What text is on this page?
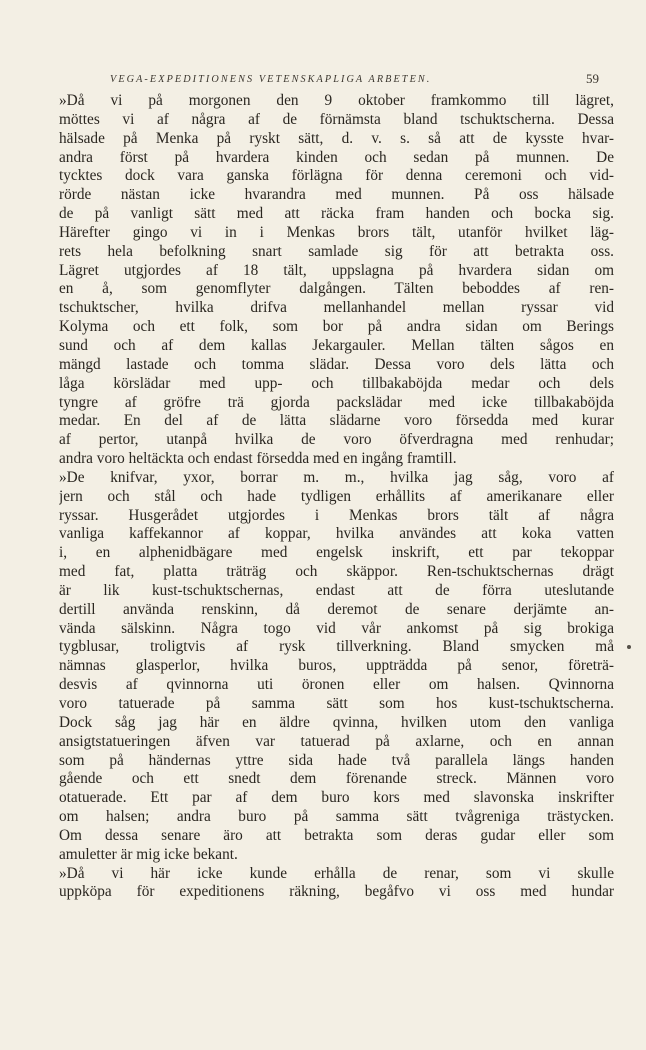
VEGA-EXPEDITIONENS VETENSKAPLIGA ARBETEN.	59
»Då vi på morgonen den 9 oktober framkommo till lägret,
möttes vi af några af de förnämsta bland tschuktscherna. Dessa
hälsade på Menka på ryskt sätt, d. v. s. så att de kysste hvar-
andra först på hvardera kinden och sedan på munnen. De
tycktes dock vara ganska förlägna för denna ceremoni och vid-
rörde nästan icke hvarandra med munnen. På oss hälsade
de på vanligt sätt med att räcka fram handen och bocka sig.
Härefter gingo vi in i Menkas brors tält, utanför hvilket läg-
rets hela befolkning snart samlade sig för att betrakta oss.
Lägret utgjordes af 18 tält, uppslagna på hvardera sidan om
en å, som genomflyter dalgången. Tälten beboddes af ren-
tschuktscher, hvilka drifva mellanhandel mellan ryssar vid
Kolyma och ett folk, som bor på andra sidan om Berings
sund och af dem kallas Jekargauler. Mellan tälten sågos en
mängd lastade och tomma slädar. Dessa voro dels lätta och
låga körslädar med upp- och tillbakaböjda medar och dels
tyngre af gröfre trä gjorda packslädar med icke tillbakaböjda
medar. En del af de lätta slädarne voro försedda med kurar
af pertor, utanpå hvilka de voro öfverdragna med renhudar;
andra voro heltäckta och endast försedda med en ingång framtill.
»De knifvar, yxor, borrar m. m., hvilka jag såg, voro af
jern och stål och hade tydligen erhållits af amerikanare eller
ryssar. Husgerådet utgjordes i Menkas brors tält af några
vanliga kaffekannor af koppar, hvilka användes att koka vatten
i, en alphenidbägare med engelsk inskrift, ett par tekoppar
med fat, platta träträg och skäppor. Ren-tschuktschernas drägt
är lik kust-tschuktschernas, endast att de förra uteslutande
dertill använda renskinn, då deremot de senare derjämte an-
vända sälskinn. Några togo vid vår ankomst på sig brokiga
tygblusar, troligtvis af rysk tillverkning. Bland smycken må
nämnas glasperlor, hvilka buros, uppträdda på senor, företrä-
desvis af qvinnorna uti öronen eller om halsen. Qvinnorna
voro tatuerade på samma sätt som hos kust-tschuktscherna.
Dock såg jag här en äldre qvinna, hvilken utom den vanliga
ansigtstatueringen äfven var tatuerad på axlarne, och en annan
som på händernas yttre sida hade två parallela längs handen
gående och ett snedt dem förenande streck. Männen voro
otatuerade. Ett par af dem buro kors med slavonska inskrifter
om halsen; andra buro på samma sätt tvågreniga trästycken.
Om dessa senare äro att betrakta som deras gudar eller som
amuletter är mig icke bekant.
»Då vi här icke kunde erhålla de renar, som vi skulle
uppköpa för expeditionens räkning, begåfvo vi oss med hundar
